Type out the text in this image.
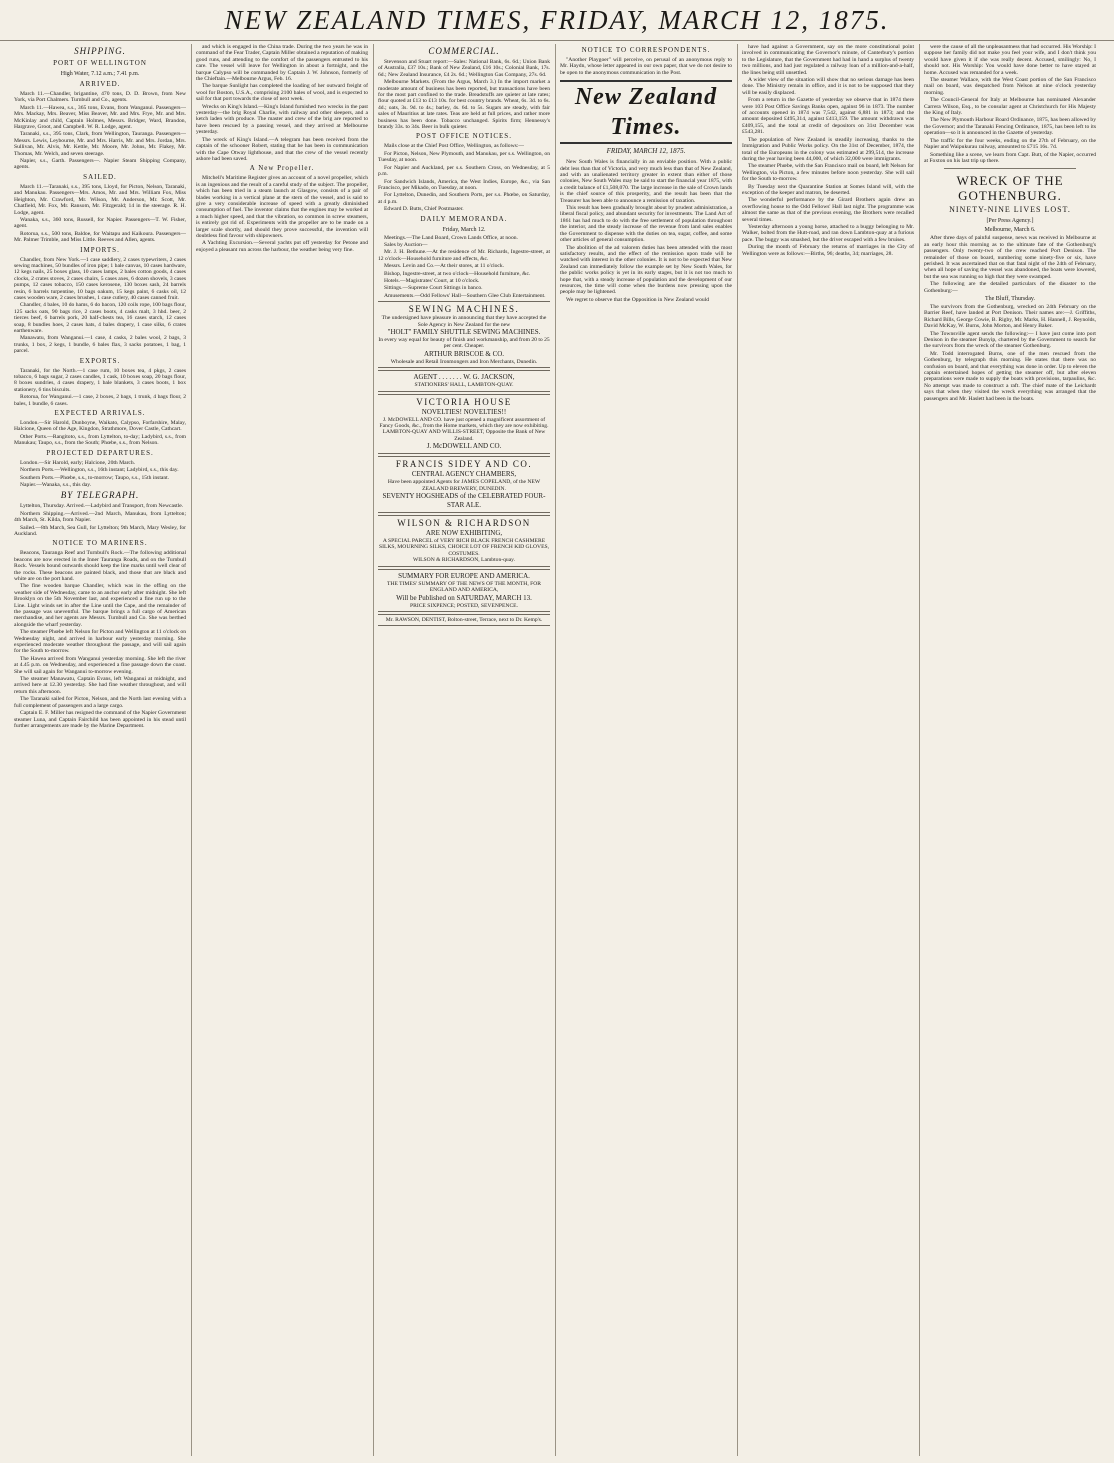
NEW ZEALAND TIMES, FRIDAY, MARCH 12, 1875.
SHIPPING.
PORT OF WELLINGTON
High Water, 7.12 a.m.; 7.41 p.m.
ARRIVED.
March 11.—Chandler, brigantine, 470 tons, D. D. Brown, from New York, via Port Chalmers. Turnbull and Co., agents.
March 11.—Hawea, s.s., 365 tons, Evans, from Wanganui. Passengers—Mrs. Mackay, Mrs. Beaver, Miss Beaver, Mr. and Mrs. Frye, Mr. and Mrs. McKinlay and child, Captain Holmes, Messrs. Bridger, Ward, Brandon, Hargrave, Groot, and Campbell. W. R. Lodge, agent.
Taranaki, s.s., 395 tons, Clark, from Wellington, Tauranga. Passengers—Messrs. Lewis, Leybourne, Mr. and Mrs. Harris, Mr. and Mrs. Jordan, Mrs. Sullivan, Mr. Alvis, Mr. Kettle, Mr. Moore, Mr. Johns, Mr. Flakey, Mr. Thomas, Mr. Welch, and seven steerage.
Napier, s.s., Garth. Passengers—. Napier Steam Shipping Company, agents.
SAILED.
March 11.—Taranaki, s.s., 395 tons, Lloyd, for Picton, Nelson, Taranaki, and Manukau. Passengers—Mrs. Amos, Mr. and Mrs. William Fox, Miss Heighton, Mr. Crawford, Mr. Wilson, Mr. Anderson, Mr. Scott, Mr. Chatfield, Mr. Fox, Mr. Ransom, Mr. Fitzgerald; 14 in the steerage. R. H. Lodge, agent.
Wanaka, s.s., 360 tons, Russell, for Napier. Passengers—T. W. Fisher, agent.
Rotorua, s.s., 500 tons, Baldoe, for Waitapu and Kaikoura. Passengers—Mr. Palmer Trimble, and Miss Little. Reeves and Allen, agents.
IMPORTS.
Chandler, from New York.—1 case saddlery, 2 cases typewriters, 2 cases sewing machines, 50 bundles of iron pipe; 1 bale canvas, 10 cases hardware, 12 kegs nails, 25 boxes glass, 10 cases lamps, 2 bales cotton goods, 4 cases clocks, 2 crates stoves, 2 cases chairs, 5 cases axes, 6 dozen shovels, 3 cases pumps, 12 cases tobacco, 150 cases kerosene, 130 boxes sash, 24 barrels resin, 6 barrels turpentine, 10 bags oakum, 15 kegs paint, 6 casks oil, 12 cases wooden ware, 2 cases brushes, 1 case cutlery, 40 cases canned fruit.
Chandler, 4 bales, 10 do hams, 6 do bacon, 120 coils rope, 100 bags flour, 125 sacks oats, 90 bags rice, 2 cases boots, 4 casks malt, 3 hhd. beer, 2 tierces beef, 6 barrels pork, 20 half-chests tea, 16 cases starch, 12 cases soap, 8 bundles hoes, 2 cases hats, 4 bales drapery, 1 case silks, 6 crates earthenware.
Manawatu, from Wanganui.—1 case, 4 casks, 2 bales wool, 2 bags, 3 trunks, 1 box, 2 kegs, 1 bundle, 6 bales flax, 3 sacks potatoes, 1 bag, 1 parcel.
EXPORTS.
Taranaki, for the North.—1 case rum, 10 boxes tea, 4 pkgs, 2 cases tobacco, 6 bags sugar, 2 cases candles, 1 cask, 10 boxes soap, 20 bags flour, 8 boxes sundries, 4 cases drapery, 1 bale blankets, 3 cases boots, 1 box stationery, 6 tins biscuits.
Rotorua, for Wanganui.—1 case, 2 boxes, 2 bags, 1 trunk, 4 bags flour, 2 bales, 1 bundle, 6 cases.
EXPECTED ARRIVALS.
London.—Sir Harold, Dunboyne, Waikato, Calypso, Forfarshire, Malay, Halcione, Queen of the Age, Kingdon, Strathmore, Dover Castle, Cathcart.
Other Ports.—Rangitoto, s.s., from Lyttelton, to-day; Ladybird, s.s., from Manukau; Taupo, s.s., from the South; Phœbe, s.s., from Nelson.
PROJECTED DEPARTURES.
London.—Sir Harold, early; Halcione, 20th March.
Northern Ports.—Wellington, s.s., 16th instant; Ladybird, s.s., this day.
Southern Ports.—Phœbe, s.s., to-morrow; Taupo, s.s., 15th instant.
Napier.—Wanaka, s.s., this day.
BY TELEGRAPH.
Lyttelton, Thursday. Arrived.—Ladybird and Transport, from Newcastle.
Northern Shipping.—Arrived.—2nd March, Manukau, from Lyttelton; 4th March, St. Kilda, from Napier.
Sailed.—8th March, Sea Gull, for Lyttelton; 9th March, Mary Wesley, for Auckland.
NOTICE TO MARINERS.
Beacons, Tauranga Reef and Turnbull's Rock.—The following additional beacons are now erected in the Inner Tauranga Roads, and on the Turnbull Rock. Vessels bound outwards should keep the line marks until well clear of the rocks. These beacons are painted black, and those that are black and white are on the port hand.
The fine wooden barque Chandler, which was in the offing on the weather side of Wednesday, came to an anchor early after midnight. She left Brooklyn on the 5th November last, and experienced a fine run up to the Line. Light winds set in after the Line until the Cape, and the remainder of the passage was uneventful. The barque brings a full cargo of American merchandise, and her agents are Messrs. Turnbull and Co. She was berthed alongside the wharf yesterday.
The steamer Phœbe left Nelson for Picton and Wellington at 11 o'clock on Wednesday night, and arrived in harbour early yesterday morning. She experienced moderate weather throughout the passage, and will sail again for the South to-morrow.
The Hawea arrived from Wanganui yesterday morning. She left the river at 4.45 p.m. on Wednesday, and experienced a fine passage down the coast. She will sail again for Wanganui to-morrow evening.
The steamer Manawatu, Captain Evans, left Wanganui at midnight, and arrived here at 12.30 yesterday. She had fine weather throughout, and will return this afternoon.
The Taranaki sailed for Picton, Nelson, and the North last evening with a full complement of passengers and a large cargo.
Captain E. F. Miller has resigned the command of the Napier Government steamer Luna, and Captain Fairchild has been appointed in his stead until further arrangements are made by the Marine Department.
and which is engaged in the China trade. During the two years he was in command of the Fear Trader, Captain Miller obtained a reputation of making good runs, and attending to the comfort of the passengers entrusted to his care. The vessel will leave for Wellington in about a fortnight, and the barque Calypso will be commanded by Captain J. W. Johnson, formerly of the Chieftain.—Melbourne Argus, Feb. 16.
The barque Sunlight has completed the loading of her outward freight of wool for Boston, U.S.A., comprising 2100 bales of wool, and is expected to sail for that port towards the close of next week.
Wrecks on King's Island.—King's Island furnished two wrecks in the past yesterday—the brig Royal Charlie, with railway and other sleepers, and a ketch laden with produce. The master and crew of the brig are reported to have been rescued by a passing vessel, and they arrived at Melbourne yesterday.
The wreck of King's Island.—A telegram has been received from the captain of the schooner Robert, stating that he has been in communication with the Cape Otway lighthouse, and that the crew of the vessel recently ashore had been saved.
A New Propeller.
Mitchell's Maritime Register gives an account of a novel propeller, which is an ingenious and the result of a careful study of the subject. The propeller, which has been tried in a steam launch at Glasgow, consists of a pair of blades working in a vertical plane at the stern of the vessel, and is said to give a very considerable increase of speed with a greatly diminished consumption of fuel. The inventor claims that the engines may be worked at a much higher speed, and that the vibration, so common in screw steamers, is entirely got rid of. Experiments with the propeller are to be made on a larger scale shortly, and should they prove successful, the invention will doubtless find favour with shipowners.
A Yachting Excursion.—Several yachts put off yesterday for Petone and enjoyed a pleasant run across the harbour, the weather being very fine.
COMMERCIAL.
Stevenson and Stuart report:—Sales: National Bank, 6s. 6d.; Union Bank of Australia, £37 10s.; Bank of New Zealand, £16 10s.; Colonial Bank, 17s. 6d.; New Zealand Insurance, £4 2s. 6d.; Wellington Gas Company, 27s. 6d.
Melbourne Markets. (From the Argus, March 3.) In the import market a moderate amount of business has been reported, but transactions have been for the most part confined to the trade. Breadstuffs are quieter at late rates; flour quoted at £13 to £13 10s. for best country brands. Wheat, 6s. 3d. to 6s. 4d.; oats, 3s. 9d. to 4s.; barley, 4s. 6d. to 5s. Sugars are steady, with fair sales of Mauritius at late rates. Teas are held at full prices, and rather more business has been done. Tobacco unchanged. Spirits firm; Hennessy's brandy 33s. to 34s. Beer in bulk quieter.
POST OFFICE NOTICES.
Mails close at the Chief Post Office, Wellington, as follows:—
For Picton, Nelson, New Plymouth, and Manukau, per s.s. Wellington, on Tuesday, at noon.
For Napier and Auckland, per s.s. Southern Cross, on Wednesday, at 5 p.m.
For Sandwich Islands, America, the West Indies, Europe, &c., via San Francisco, per Mikado, on Tuesday, at noon.
For Lyttelton, Dunedin, and Southern Ports, per s.s. Phœbe, on Saturday, at 4 p.m.
Edward D. Butts, Chief Postmaster.
DAILY MEMORANDA.
Friday, March 12.
Meetings.—The Land Board, Crown Lands Office, at noon.
Sales by Auction—
Mr. J. H. Bethune.—At the residence of Mr. Richards, Ingestre-street, at 12 o'clock—Household furniture and effects, &c.
Messrs. Levin and Co.—At their stores, at 11 o'clock.
Bishop, Ingestre-street, at two o'clock—Household furniture, &c.
Hotels.—Magistrates' Court, at 10 o'clock.
Sittings.—Supreme Court Sittings in banco.
Amusements.—Odd Fellows' Hall—Southern Glee Club Entertainment.
SEWING MACHINES.
The undersigned have pleasure in announcing that they have accepted the Sole Agency in New Zealand for the new
"HOLT" FAMILY SHUTTLE SEWING MACHINES.
In every way equal for beauty of finish and workmanship, and from 20 to 25 per cent. Cheaper.
ARTHUR BRISCOE & CO.
Wholesale and Retail Ironmongers and Iron Merchants, Dunedin.
AGENT . . . . . . . W. G. JACKSON,
STATIONERS' HALL, LAMBTON-QUAY.
VICTORIA HOUSE
NOVELTIES! NOVELTIES!!
J. McDOWELL AND CO. have just opened a magnificent assortment of Fancy Goods, &c., from the Home markets, which they are now exhibiting.
LAMBTON-QUAY AND WILLIS-STREET, Opposite the Bank of New Zealand.
J. McDOWELL AND CO.
FRANCIS SIDEY AND CO.
CENTRAL AGENCY CHAMBERS,
Have been appointed Agents for JAMES COPELAND, of the NEW ZEALAND BREWERY, DUNEDIN.
SEVENTY HOGSHEADS of the CELEBRATED FOUR-STAR ALE.
WILSON & RICHARDSON
ARE NOW EXHIBITING,
A SPECIAL PARCEL of VERY RICH BLACK FRENCH CASHMERE SILKS, MOURNING SILKS, CHOICE LOT OF FRENCH KID GLOVES, COSTUMES.
WILSON & RICHARDSON, Lambton-quay.
SUMMARY FOR EUROPE AND AMERICA.
THE TIMES' SUMMARY OF THE NEWS OF THE MONTH, FOR ENGLAND AND AMERICA,
Will be Published on SATURDAY, MARCH 13.
PRICE SIXPENCE; POSTED, SEVENPENCE.
Mr. RAWSON, DENTIST, Bolton-street, Terrace, next to Dr. Kemp's.
NOTICE TO CORRESPONDENTS.
"Another Playgoer" will perceive, on perusal of an anonymous reply to Mr. Haydn, whose letter appeared in our own paper, that we do not desire to be open to the anonymous communication in the Post.
New Zealand Times.
FRIDAY, MARCH 12, 1875.
New South Wales is financially in an enviable position. With a public debt less than that of Victoria, and very much less than that of New Zealand, and with an unalienated territory greater in extent than either of those colonies, New South Wales may be said to start the financial year 1875, with a credit balance of £1,508,070. The large increase in the sale of Crown lands is the chief source of this prosperity, and the result has been that the Treasurer has been able to announce a remission of taxation.
This result has been gradually brought about by prudent administration, a liberal fiscal policy, and abundant security for investments. The Land Act of 1861 has had much to do with the free settlement of population throughout the interior, and the steady increase of the revenue from land sales enables the Government to dispense with the duties on tea, sugar, coffee, and some other articles of general consumption.
The abolition of the ad valorem duties has been attended with the most satisfactory results, and the effect of the remission upon trade will be watched with interest in the other colonies. It is not to be expected that New Zealand can immediately follow the example set by New South Wales, for the public works policy is yet in its early stages, but it is not too much to hope that, with a steady increase of population and the development of our resources, the time will come when the burdens now pressing upon the people may be lightened.
We regret to observe that the Opposition in New Zealand would
have had against a Government, say on the more constitutional point involved in communicating the Governor's minute, of Canterbury's portion to the Legislature, that the Government had had in hand a surplus of twenty two millions, and had just regulated a railway loan of a million-and-a-half, the lines being still unsettled.
A wider view of the situation will show that no serious damage has been done. The Ministry remain in office, and it is not to be supposed that they will be easily displaced.
From a return in the Gazette of yesterday we observe that in 1874 there were 103 Post Office Savings Banks open, against 96 in 1873. The number of accounts opened in 1874 was 7,542, against 6,881 in 1873; and the amount deposited £495,314, against £413,159. The amount withdrawn was £409,155, and the total at credit of depositors on 31st December was £543,281.
The population of New Zealand is steadily increasing, thanks to the Immigration and Public Works policy. On the 31st of December, 1874, the total of the Europeans in the colony was estimated at 299,514, the increase during the year having been 44,000, of which 32,000 were immigrants.
The steamer Phœbe, with the San Francisco mail on board, left Nelson for Wellington, via Picton, a few minutes before noon yesterday. She will sail for the South to-morrow.
By Tuesday next the Quarantine Station at Somes Island will, with the exception of the keeper and matron, be deserted.
The wonderful performance by the Girard Brothers again drew an overflowing house to the Odd Fellows' Hall last night. The programme was almost the same as that of the previous evening, the Brothers were recalled several times.
Yesterday afternoon a young horse, attached to a buggy belonging to Mr. Walker, bolted from the Hutt-road, and ran down Lambton-quay at a furious pace. The buggy was smashed, but the driver escaped with a few bruises.
During the month of February the returns of marriages in the City of Wellington were as follows:—Births, 96; deaths, 34; marriages, 28.
were the cause of all the unpleasantness that had occurred. His Worship: I suppose her family did not make you feel your wife, and I don't think you would have given it if she was really decent. Accused, smilingly: No, I should not. His Worship: You would have done better to have stayed at home. Accused was remanded for a week.
The steamer Wallace, with the West Coast portion of the San Francisco mail on board, was despatched from Nelson at nine o'clock yesterday morning.
The Council-General for Italy at Melbourne has nominated Alexander Carrera Wilson, Esq., to be consular agent at Christchurch for His Majesty the King of Italy.
The New Plymouth Harbour Board Ordinance, 1875, has been allowed by the Governor; and the Taranaki Fencing Ordinance, 1875, has been left to its operation—so it is announced in the Gazette of yesterday.
The traffic for the four weeks, ending on the 27th of February, on the Napier and Waipukurau railway, amounted to £715 16s. 7d.
Something like a scene, we learn from Capt. Butt, of the Napier, occurred at Foxton on his last trip up there.
WRECK OF THE GOTHENBURG.
NINETY-NINE LIVES LOST.
[Per Press Agency.]
Melbourne, March 6.
After three days of painful suspense, news was received in Melbourne at an early hour this morning as to the ultimate fate of the Gothenburg's passengers. Only twenty-two of the crew reached Port Denison. The remainder of those on board, numbering some ninety-five or six, have perished. It was ascertained that on that fatal night of the 24th of February, when all hope of saving the vessel was abandoned, the boats were lowered, but the sea was running so high that they were swamped.
The following are the detailed particulars of the disaster to the Gothenburg:—
The Bluff, Thursday.
The survivors from the Gothenburg, wrecked on 24th February on the Barrier Reef, have landed at Port Denison. Their names are:—J. Griffiths, Richard Bills, George Cowie, B. Rigby, Mr. Marks, H. Hannell, J. Reynolds, David McKay, W. Burns, John Morton, and Henry Baker.
The Townsville agent sends the following:— I have just come into port Denison in the steamer Bunyip, chartered by the Government to search for the survivors from the wreck of the steamer Gothenburg.
Mr. Todd interrogated Burns, one of the men rescued from the Gothenburg, by telegraph this morning. He states that there was no confusion on board, and that everything was done in order. Up to eleven the captain entertained hopes of getting the steamer off, but after eleven preparations were made to supply the boats with provisions, tarpaulins, &c. No attempt was made to construct a raft. The chief mate of the Leichardt says that when they visited the wreck everything was arranged that the passengers and Mr. Haslett had been in the boats.
